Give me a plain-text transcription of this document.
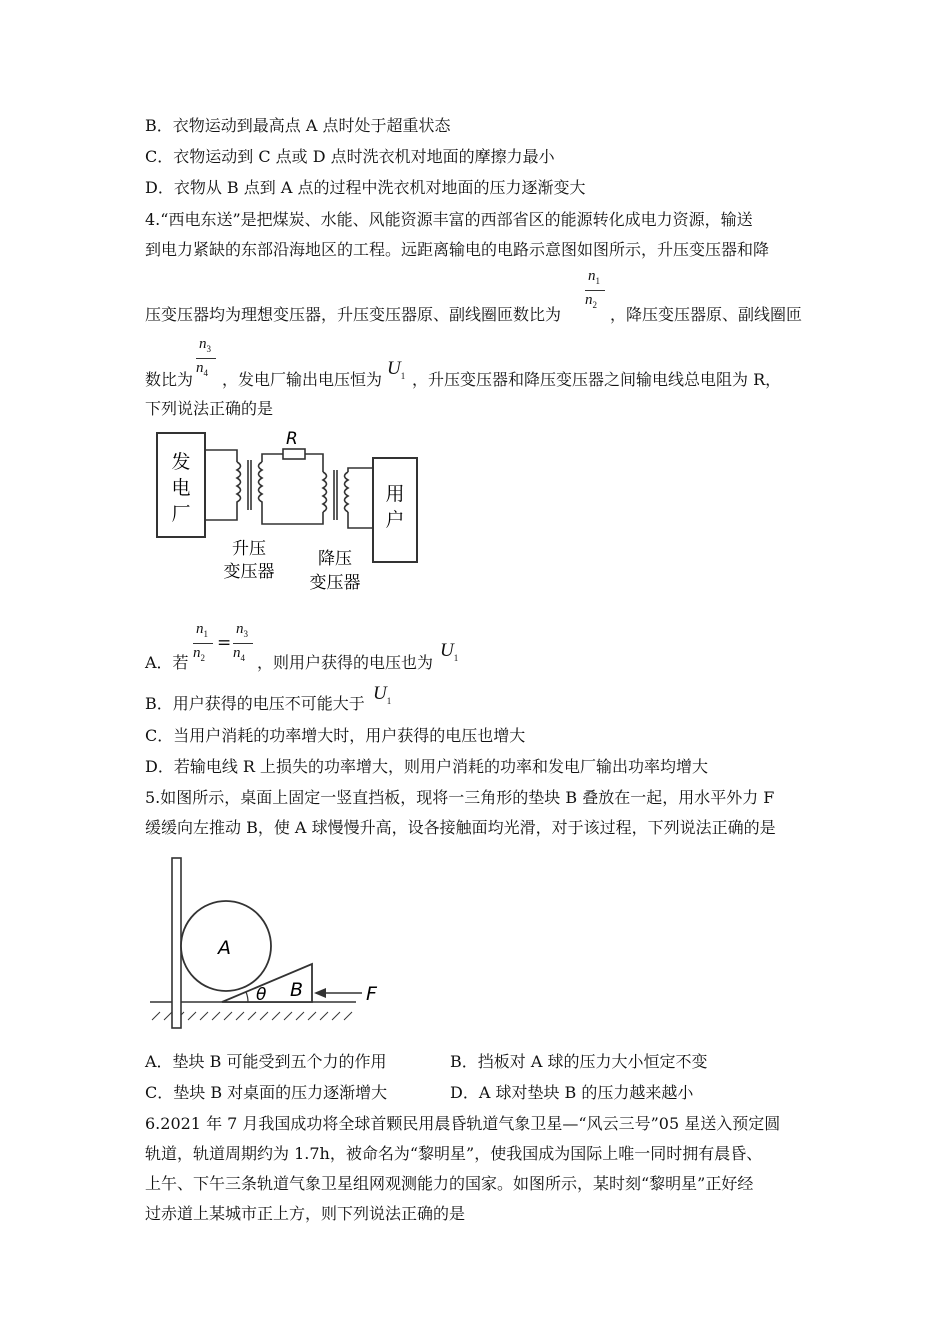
B．衣物运动到最高点 A 点时处于超重状态
C．衣物运动到 C 点或 D 点时洗衣机对地面的摩擦力最小
D．衣物从 B 点到 A 点的过程中洗衣机对地面的压力逐渐变大
4.“西电东送”是把煤炭、水能、风能资源丰富的西部省区的能源转化成电力资源，输送
到电力紧缺的东部沿海地区的工程。远距离输电的电路示意图如图所示，升压变压器和降
$n_1$
$n_2$
压变压器均为理想变压器，升压变压器原、副线圈匝数比为	，降压变压器原、副线圈匝
$n_3$
$n_4$
数比为 ，发电厂输出电压恒为
$U_1$ ，升压变压器和降压变压器之间输电线总电阻为 R，
下列说法正确的是
发
电
厂
用
户
R
升压
变压器
降压
变压器
A．若
$n_1$
$n_2$
=
$n_3$
$n_4$ ，则用户获得的电压也为
$U_1$
B．用户获得的电压不可能大于 $U_1$
C．当用户消耗的功率增大时，用户获得的电压也增大
D．若输电线 R 上损失的功率增大，则用户消耗的功率和发电厂输出功率均增大
5.如图所示，桌面上固定一竖直挡板，现将一三角形的垫块 B 叠放在一起，用水平外力 F
缓缓向左推动 B，使 A 球慢慢升高，设各接触面均光滑，对于该过程，下列说法正确的是
A
θ B	F
A．垫块 B 可能受到五个力的作用	B．挡板对 A 球的压力大小恒定不变
C．垫块 B 对桌面的压力逐渐增大	D．A 球对垫块 B 的压力越来越小
6.2021 年 7 月我国成功将全球首颗民用晨昏轨道气象卫星—“风云三号”05 星送入预定圆
轨道，轨道周期约为 1.7h，被命名为“黎明星”，使我国成为国际上唯一同时拥有晨昏、
上午、下午三条轨道气象卫星组网观测能力的国家。如图所示，某时刻“黎明星”正好经
过赤道上某城市正上方，则下列说法正确的是
